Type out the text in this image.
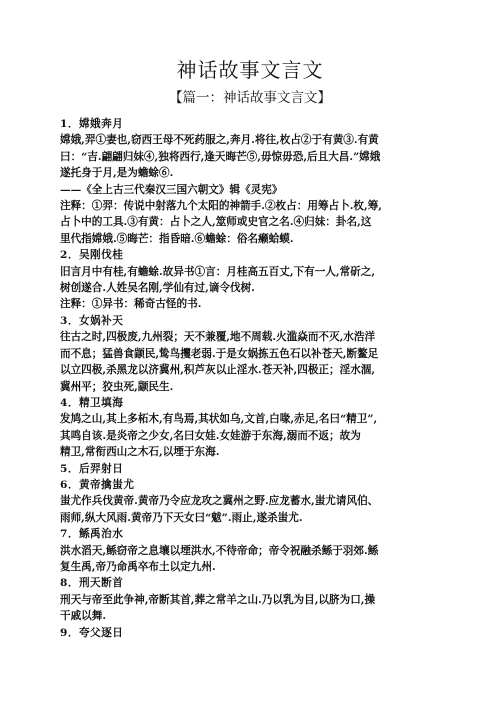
神话故事文言文
【篇一：神话故事文言文】

1．嫦娥奔月

嫦娥,羿①妻也,窃西王母不死药服之,奔月.将往,枚占②于有黄③.有黄

曰：“吉.翩翩归妹④,独将西行,逢天晦芒⑤,毋惊毋恐,后且大昌.”嫦娥

遂托身于月,是为蟾蜍⑥.

——《全上古三代秦汉三国六朝文》辑《灵宪》

注释：①羿：传说中射落九个太阳的神箭手.②枚占：用筹占卜.枚,筹,

占卜中的工具.③有黄：占卜之人,筮师或史官之名.④归妹：卦名,这

里代指嫦娥.⑤晦芒：指昏暗.⑥蟾蜍：俗名癞蛤蟆.

2．吴刚伐桂

旧言月中有桂,有蟾蜍.故异书①言：月桂高五百丈,下有一人,常斫之,

树创遂合.人姓吴名刚,学仙有过,谪令伐树.

注释：①异书：稀奇古怪的书.

3．女娲补天

往古之时,四极废,九州裂；天不兼覆,地不周载.火滥焱而不灭,水浩洋

而不息；猛兽食颛民,鸷鸟攫老弱.于是女娲拣五色石以补苍天,断鳌足

以立四极,杀黑龙以济冀州,积芦灰以止淫水.苍天补,四极正；淫水涸,

冀州平；狡虫死,颛民生.

4．精卫填海

发鸠之山,其上多柘木,有鸟焉,其状如乌,文首,白喙,赤足,名曰“精卫”,

其鸣自该.是炎帝之少女,名曰女娃.女娃游于东海,溺而不返；故为

精卫,常衔西山之木石,以堙于东海.

5．后羿射日

6．黄帝擒蚩尤

蚩尤作兵伐黄帝.黄帝乃令应龙攻之冀州之野.应龙蓄水,蚩尤请风伯、

雨师,纵大风雨.黄帝乃下天女曰“魃”.雨止,遂杀蚩尤.

7．鲧禹治水

洪水滔天,鲧窃帝之息壤以堙洪水,不待帝命；帝令祝融杀鲧于羽郊.鲧

复生禹,帝乃命禹卒布土以定九州.

8．刑天断首

刑天与帝至此争神,帝断其首,葬之常羊之山.乃以乳为目,以脐为口,操

干戚以舞.

9．夸父逐日
